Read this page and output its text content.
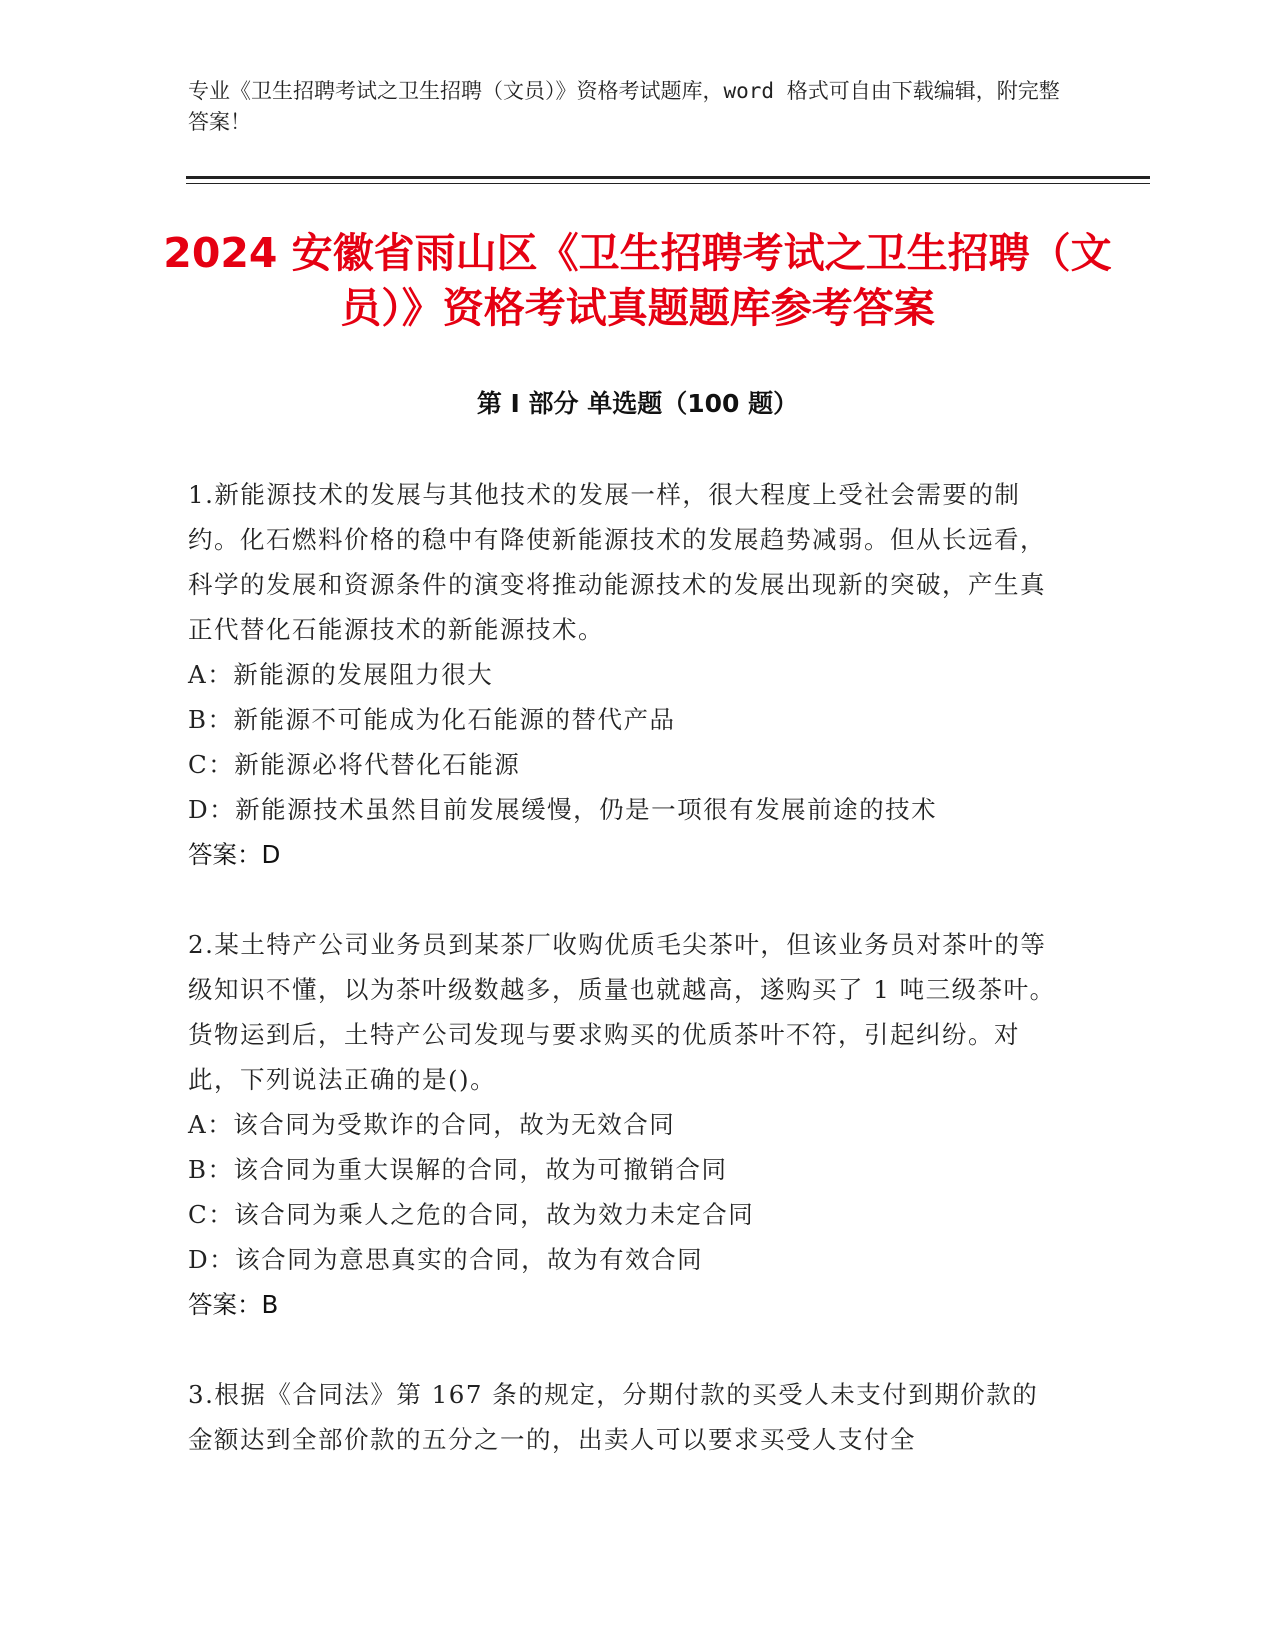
专业《卫生招聘考试之卫生招聘（文员）》资格考试题库，word 格式可自由下载编辑，附完整答案！
2024 安徽省雨山区《卫生招聘考试之卫生招聘（文员）》资格考试真题题库参考答案
第 I 部分 单选题（100 题）
1.新能源技术的发展与其他技术的发展一样，很大程度上受社会需要的制约。化石燃料价格的稳中有降使新能源技术的发展趋势减弱。但从长远看，科学的发展和资源条件的演变将推动能源技术的发展出现新的突破，产生真正代替化石能源技术的新能源技术。
A：新能源的发展阻力很大
B：新能源不可能成为化石能源的替代产品
C：新能源必将代替化石能源
D：新能源技术虽然目前发展缓慢，仍是一项很有发展前途的技术
答案：D
2.某土特产公司业务员到某茶厂收购优质毛尖茶叶，但该业务员对茶叶的等级知识不懂，以为茶叶级数越多，质量也就越高，遂购买了 1 吨三级茶叶。货物运到后，土特产公司发现与要求购买的优质茶叶不符，引起纠纷。对此，下列说法正确的是()。
A：该合同为受欺诈的合同，故为无效合同
B：该合同为重大误解的合同，故为可撤销合同
C：该合同为乘人之危的合同，故为效力未定合同
D：该合同为意思真实的合同，故为有效合同
答案：B
3.根据《合同法》第 167 条的规定，分期付款的买受人未支付到期价款的金额达到全部价款的五分之一的，出卖人可以要求买受人支付全
